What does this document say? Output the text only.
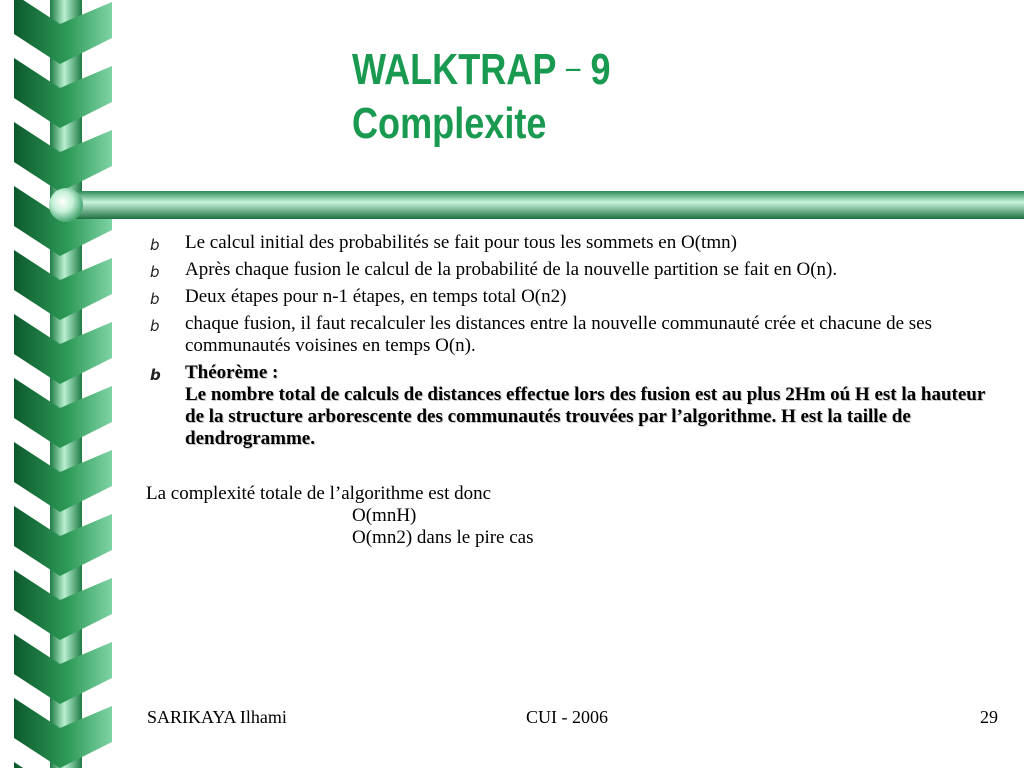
WALKTRAP – 9
Complexite
b Le calcul initial des probabilités se fait pour tous les sommets en O(tmn)
b Après chaque fusion le calcul de la probabilité de la nouvelle partition se fait en O(n).
b Deux étapes pour n-1 étapes, en temps total O(n2)
b chaque fusion, il faut recalculer les distances entre la nouvelle communauté crée et chacune de ses communautés voisines en temps O(n).
b Théorème :
Le nombre total de calculs de distances effectue lors des fusion est au plus 2Hm oú H est la hauteur de la structure arborescente des communautés trouvées par l’algorithme. H est la taille de dendrogramme.
La complexité totale de l’algorithme est donc
O(mnH)
O(mn2) dans le pire cas
SARIKAYA Ilhami	CUI - 2006	29
